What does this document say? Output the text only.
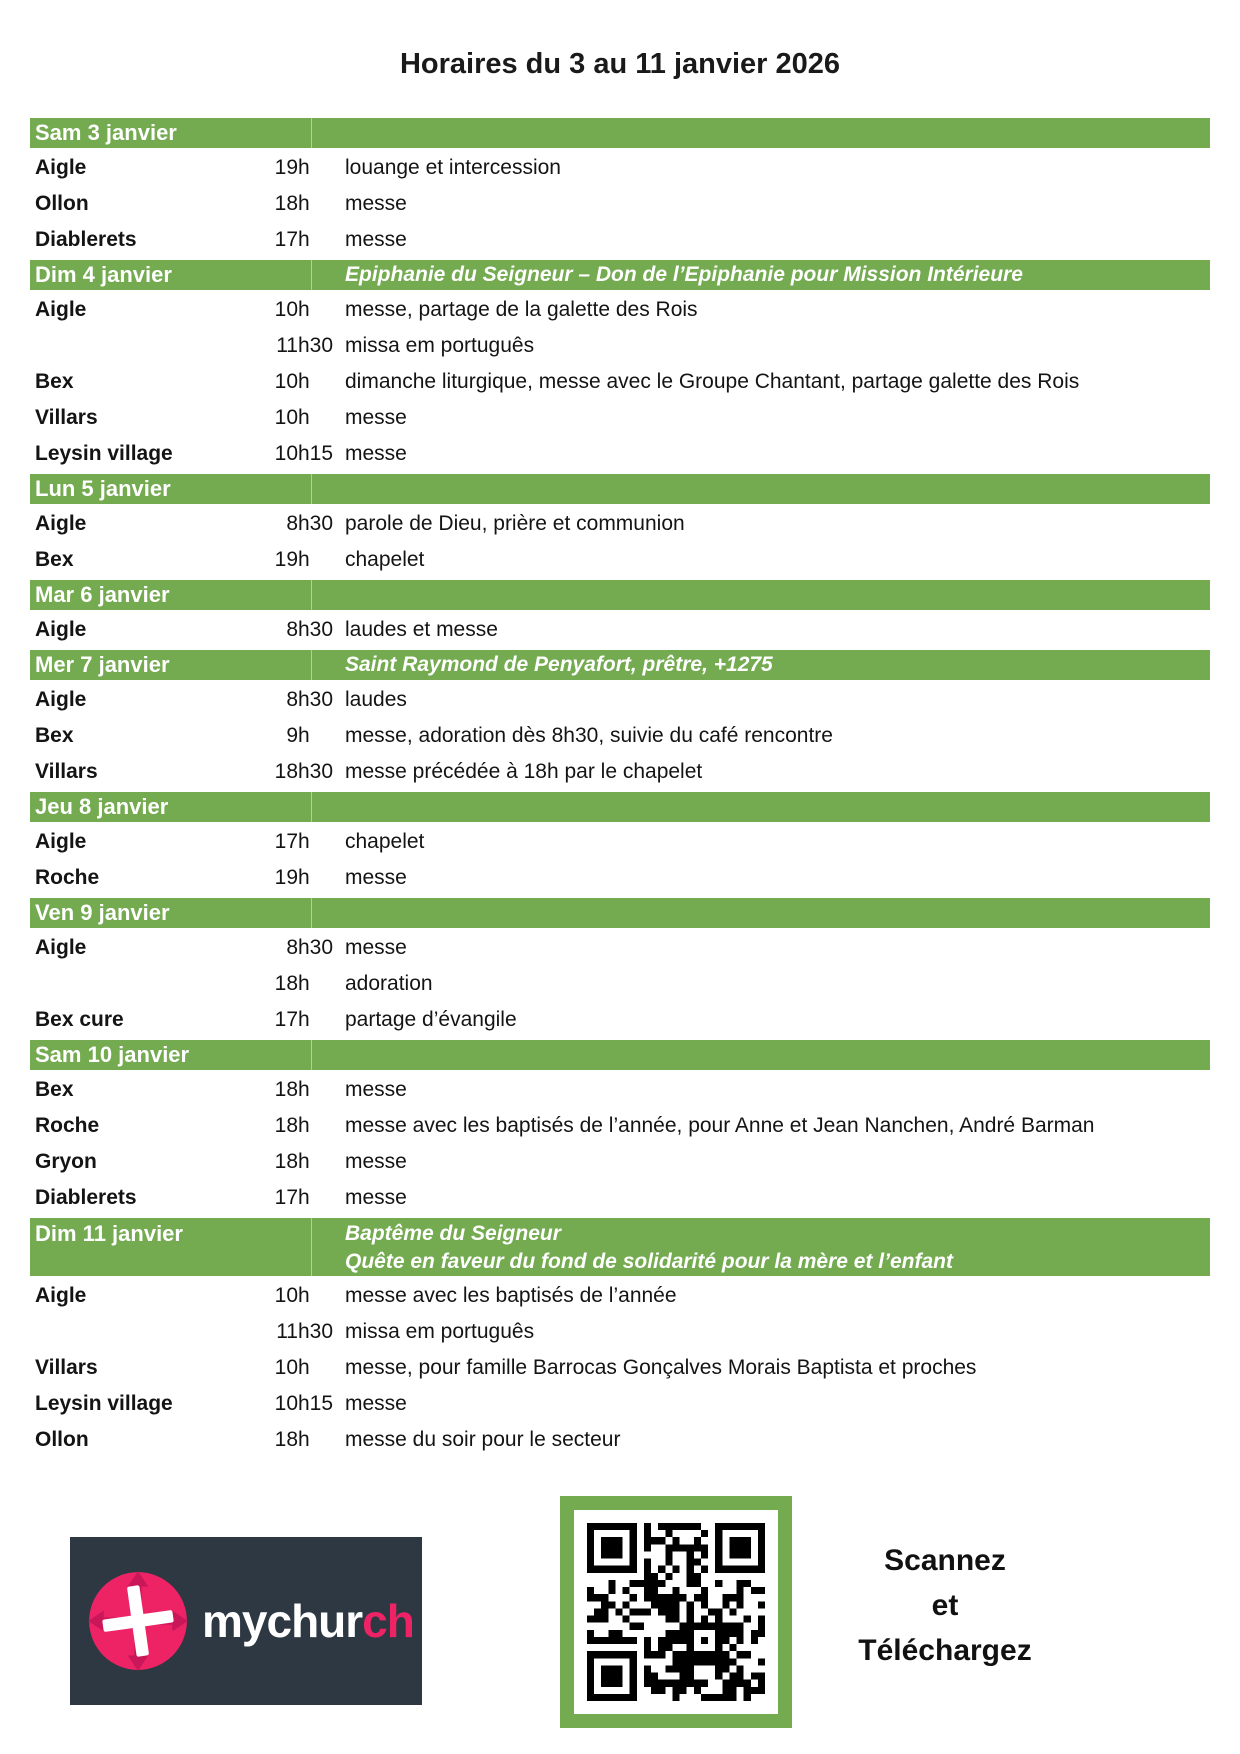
Horaires du 3 au 11 janvier 2026
Sam 3 janvier
Aigle	19 h louange et intercession
Ollon	18 h messe
Diablerets	17 h messe
Dim 4 janvier	Epiphanie du Seigneur – Don de l’Epiphanie pour Mission Intérieure
Aigle	10 h messe, partage de la galette des Rois
11 h30 missa em português
Bex	10 h dimanche liturgique, messe avec le Groupe Chantant, partage galette des Rois
Villars	10 h messe
Leysin village	10 h15 messe
Lun 5 janvier
Aigle	8 h30 parole de Dieu, prière et communion
Bex	19 h chapelet
Mar 6 janvier
Aigle	8 h30 laudes et messe
Mer 7 janvier	Saint Raymond de Penyafort, prêtre, +1275
Aigle	8 h30 laudes
Bex	9 h messe, adoration dès 8h30, suivie du café rencontre
Villars	18 h30 messe précédée à 18h par le chapelet
Jeu 8 janvier
Aigle	17 h chapelet
Roche	19 h messe
Ven 9 janvier
Aigle	8 h30 messe
18 h adoration
Bex cure	17 h partage d’évangile
Sam 10 janvier
Bex	18 h messe
Roche	18 h messe avec les baptisés de l’année, pour Anne et Jean Nanchen, André Barman
Gryon	18 h messe
Diablerets	17 h messe
Dim 11 janvier	Baptême du Seigneur
Quête en faveur du fond de solidarité pour la mère et l’enfant
Aigle	10 h messe avec les baptisés de l’année
11 h30 missa em português
Villars	10 h messe, pour famille Barrocas Gonçalves Morais Baptista et proches
Leysin village	10 h15 messe
Ollon	18 h messe du soir pour le secteur
mychurch
Scannez
et
Téléchargez
